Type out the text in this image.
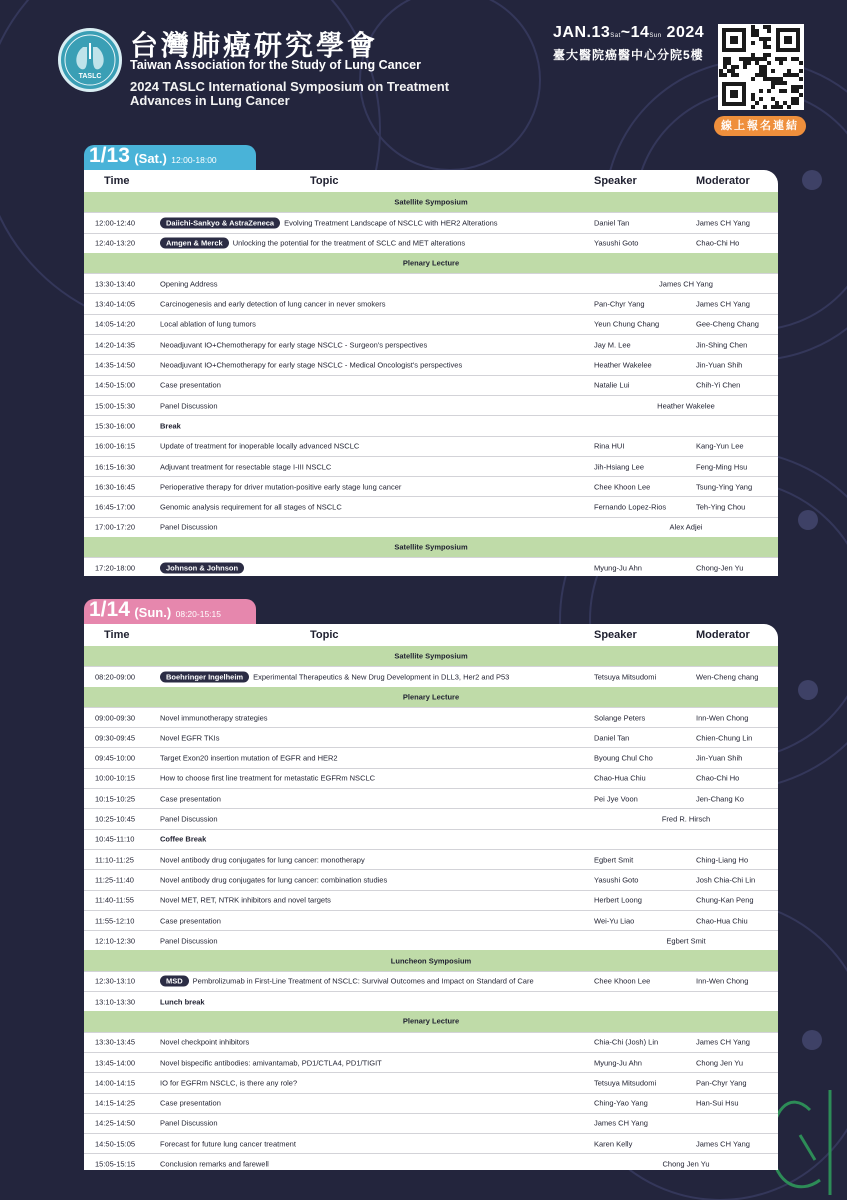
TASLC
台灣肺癌研究學會
Taiwan Association for the Study of Lung Cancer
2024 TASLC International Symposium on Treatment Advances in Lung Cancer
JAN.13Sat~14Sun 2024
臺大醫院癌醫中心分院5樓
線上報名連結
1/13 (Sat.) 12:00-18:00
Time	Topic	Speaker	Moderator
Satellite Symposium
12:00-12:40	Daiichi-Sankyo & AstraZeneca Evolving Treatment Landscape of NSCLC with HER2 Alterations	Daniel Tan	James CH Yang
12:40-13:20	Amgen & Merck Unlocking the potential for the treatment of SCLC and MET alterations	Yasushi Goto	Chao-Chi Ho
Plenary Lecture
13:30-13:40	Opening Address	James CH Yang
13:40-14:05	Carcinogenesis and early detection of lung cancer in never smokers	Pan-Chyr Yang	James CH Yang
14:05-14:20	Local ablation of lung tumors	Yeun Chung Chang	Gee-Cheng Chang
14:20-14:35	Neoadjuvant IO+Chemotherapy for early stage NSCLC - Surgeon's perspectives	Jay M. Lee	Jin-Shing Chen
14:35-14:50	Neoadjuvant IO+Chemotherapy for early stage NSCLC - Medical Oncologist's perspectives	Heather Wakelee	Jin-Yuan Shih
14:50-15:00	Case presentation	Natalie Lui	Chih-Yi Chen
15:00-15:30	Panel Discussion	Heather Wakelee
15:30-16:00	Break
16:00-16:15	Update of treatment for inoperable locally advanced NSCLC	Rina HUI	Kang-Yun Lee
16:15-16:30	Adjuvant treatment for resectable stage I-III NSCLC	Jih-Hsiang Lee	Feng-Ming Hsu
16:30-16:45	Perioperative therapy for driver mutation-positive early stage lung cancer	Chee Khoon Lee	Tsung-Ying Yang
16:45-17:00	Genomic analysis requirement for all stages of NSCLC	Fernando Lopez-Rios	Teh-Ying Chou
17:00-17:20	Panel Discussion	Alex Adjei
Satellite Symposium
17:20-18:00	Johnson & Johnson	Myung-Ju Ahn	Chong-Jen Yu
1/14 (Sun.) 08:20-15:15
Time	Topic	Speaker	Moderator
Satellite Symposium
08:20-09:00	Boehringer Ingelheim Experimental Therapeutics & New Drug Development in DLL3, Her2 and P53	Tetsuya Mitsudomi	Wen-Cheng chang
Plenary Lecture
09:00-09:30	Novel immunotherapy strategies	Solange Peters	Inn-Wen Chong
09:30-09:45	Novel EGFR TKIs	Daniel Tan	Chien-Chung Lin
09:45-10:00	Target Exon20 insertion mutation of EGFR and HER2	Byoung Chul Cho	Jin-Yuan Shih
10:00-10:15	How to choose first line treatment for metastatic EGFRm NSCLC	Chao-Hua Chiu	Chao-Chi Ho
10:15-10:25	Case presentation	Pei Jye Voon	Jen-Chang Ko
10:25-10:45	Panel Discussion	Fred R. Hirsch
10:45-11:10	Coffee Break
11:10-11:25	Novel antibody drug conjugates for lung cancer: monotherapy	Egbert Smit	Ching-Liang Ho
11:25-11:40	Novel antibody drug conjugates for lung cancer: combination studies	Yasushi Goto	Josh Chia-Chi Lin
11:40-11:55	Novel MET, RET, NTRK inhibitors and novel targets	Herbert Loong	Chung-Kan Peng
11:55-12:10	Case presentation	Wei-Yu Liao	Chao-Hua Chiu
12:10-12:30	Panel Discussion	Egbert Smit
Luncheon Symposium
12:30-13:10	MSD Pembrolizumab in First-Line Treatment of NSCLC: Survival Outcomes and Impact on Standard of Care	Chee Khoon Lee	Inn-Wen Chong
13:10-13:30	Lunch break
Plenary Lecture
13:30-13:45	Novel checkpoint inhibitors	Chia-Chi (Josh) Lin	James CH Yang
13:45-14:00	Novel bispecific antibodies: amivantamab, PD1/CTLA4, PD1/TIGIT	Myung-Ju Ahn	Chong Jen Yu
14:00-14:15	IO for EGFRm NSCLC, is there any role?	Tetsuya Mitsudomi	Pan-Chyr Yang
14:15-14:25	Case presentation	Ching-Yao Yang	Han-Sui Hsu
14:25-14:50	Panel Discussion	James CH Yang
14:50-15:05	Forecast for future lung cancer treatment	Karen Kelly	James CH Yang
15:05-15:15	Conclusion remarks and farewell	Chong Jen Yu
